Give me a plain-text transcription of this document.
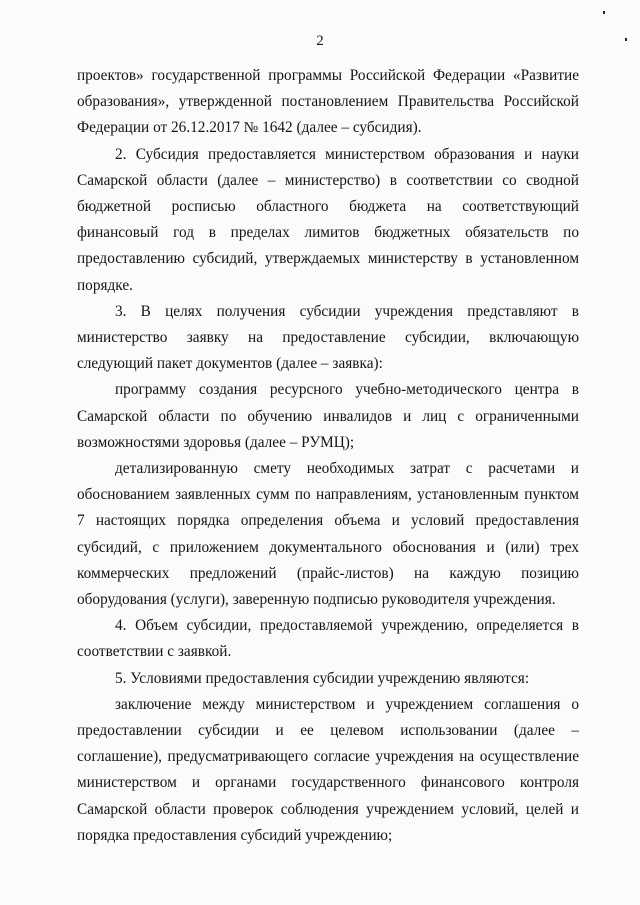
2

проектов» государственной программы Российской Федерации «Развитие образования», утвержденной постановлением Правительства Российской Федерации от 26.12.2017 № 1642 (далее – субсидия).

2. Субсидия предоставляется министерством образования и науки Самарской области (далее – министерство) в соответствии со сводной бюджетной росписью областного бюджета на соответствующий финансовый год в пределах лимитов бюджетных обязательств по предоставлению субсидий, утверждаемых министерству в установленном порядке.

3. В целях получения субсидии учреждения представляют в министерство заявку на предоставление субсидии, включающую следующий пакет документов (далее – заявка):

программу создания ресурсного учебно-методического центра в Самарской области по обучению инвалидов и лиц с ограниченными возможностями здоровья (далее – РУМЦ);

детализированную смету необходимых затрат с расчетами и обоснованием заявленных сумм по направлениям, установленным пунктом 7 настоящих порядка определения объема и условий предоставления субсидий, с приложением документального обоснования и (или) трех коммерческих предложений (прайс-листов) на каждую позицию оборудования (услуги), заверенную подписью руководителя учреждения.

4. Объем субсидии, предоставляемой учреждению, определяется в соответствии с заявкой.

5. Условиями предоставления субсидии учреждению являются:

заключение между министерством и учреждением соглашения о предоставлении субсидии и ее целевом использовании (далее – соглашение), предусматривающего согласие учреждения на осуществление министерством и органами государственного финансового контроля Самарской области проверок соблюдения учреждением условий, целей и порядка предоставления субсидий учреждению;
